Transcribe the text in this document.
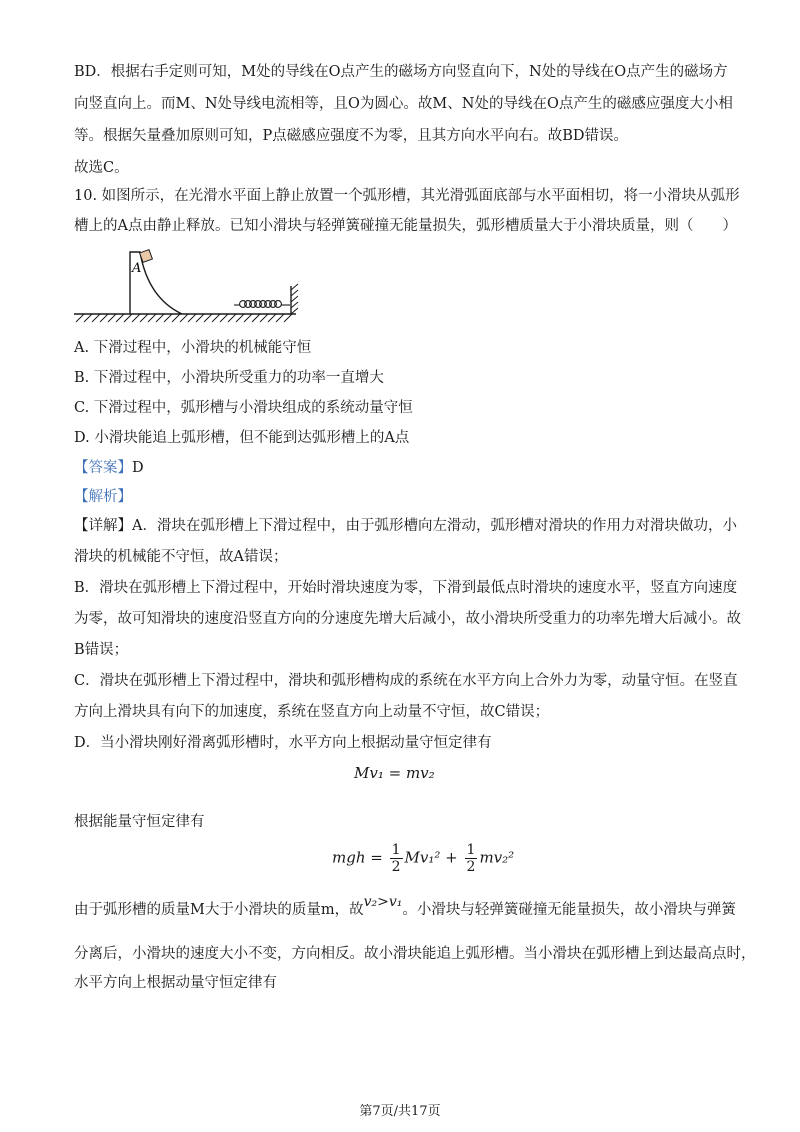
BD．根据右手定则可知，M处的导线在O点产生的磁场方向竖直向下，N处的导线在O点产生的磁场方
向竖直向上。而M、N处导线电流相等，且O为圆心。故M、N处的导线在O点产生的磁感应强度大小相
等。根据矢量叠加原则可知，P点磁感应强度不为零，且其方向水平向右。故BD错误。
故选C。
10. 如图所示，在光滑水平面上静止放置一个弧形槽，其光滑弧面底部与水平面相切，将一小滑块从弧形
槽上的A点由静止释放。已知小滑块与轻弹簧碰撞无能量损失，弧形槽质量大于小滑块质量，则（　　）
A
A. 下滑过程中，小滑块的机械能守恒
B. 下滑过程中，小滑块所受重力的功率一直增大
C. 下滑过程中，弧形槽与小滑块组成的系统动量守恒
D. 小滑块能追上弧形槽，但不能到达弧形槽上的A点
【答案】D
【解析】
【详解】A．滑块在弧形槽上下滑过程中，由于弧形槽向左滑动，弧形槽对滑块的作用力对滑块做功，小
滑块的机械能不守恒，故A错误；
B．滑块在弧形槽上下滑过程中，开始时滑块速度为零，下滑到最低点时滑块的速度水平，竖直方向速度
为零，故可知滑块的速度沿竖直方向的分速度先增大后减小，故小滑块所受重力的功率先增大后减小。故
B错误；
C．滑块在弧形槽上下滑过程中，滑块和弧形槽构成的系统在水平方向上合外力为零，动量守恒。在竖直
方向上滑块具有向下的加速度，系统在竖直方向上动量不守恒，故C错误；
D．当小滑块刚好滑离弧形槽时，水平方向上根据动量守恒定律有
Mv₁ = mv₂
根据能量守恒定律有
mgh = $\frac{1}{2} Mv_1^2 + \frac{1}{2} mv_2^2$
由于弧形槽的质量M大于小滑块的质量m，故v₂>v₁。小滑块与轻弹簧碰撞无能量损失，故小滑块与弹簧
分离后，小滑块的速度大小不变，方向相反。故小滑块能追上弧形槽。当小滑块在弧形槽上到达最高点时，
水平方向上根据动量守恒定律有
第7页/共17页
